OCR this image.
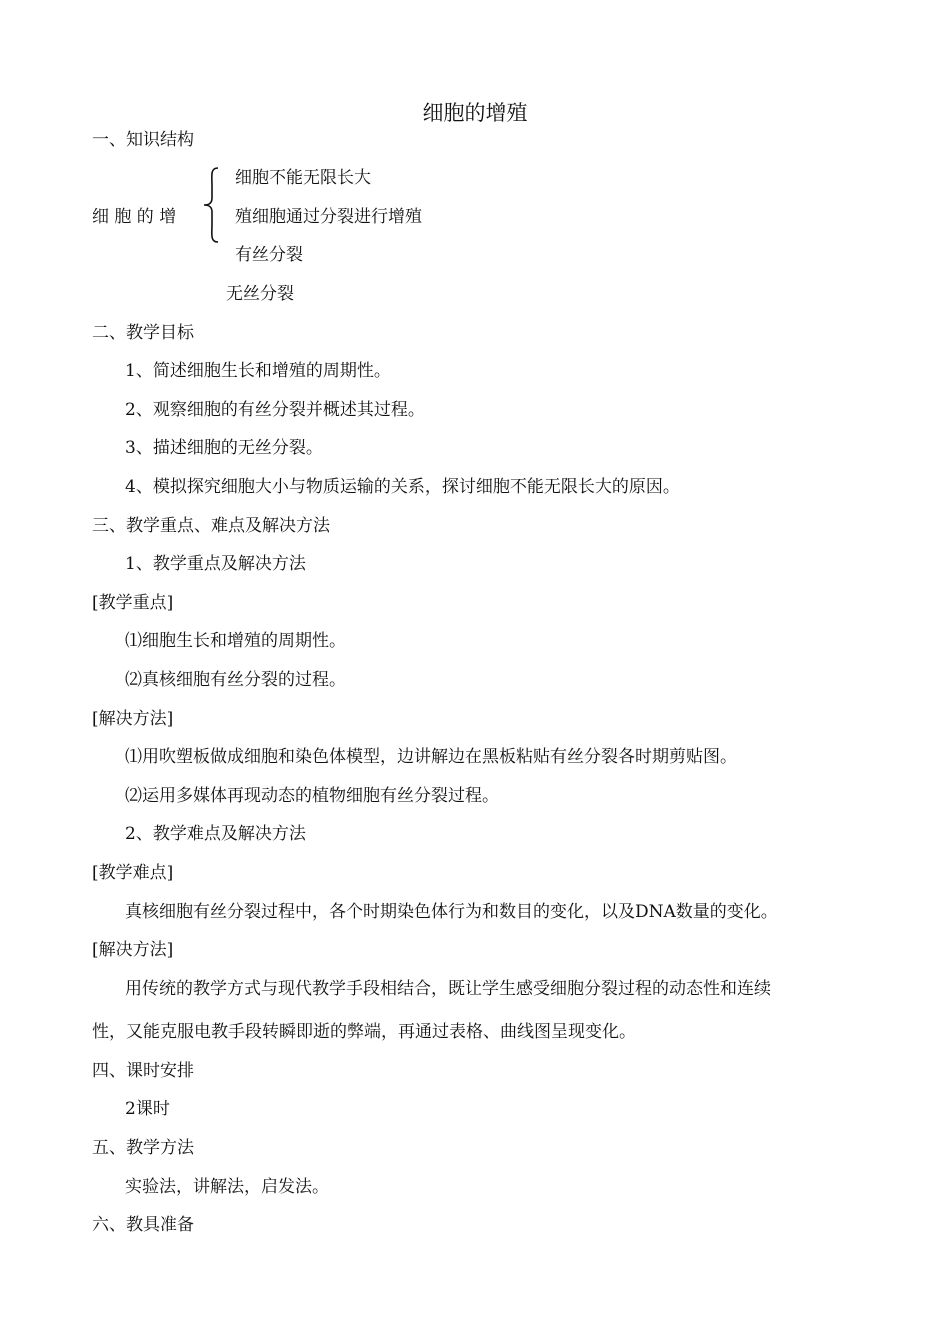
细胞的增殖
一、知识结构
细 胞 的 增
细胞不能无限长大
殖细胞通过分裂进行增殖
有丝分裂
无丝分裂
二、教学目标
1、简述细胞生长和增殖的周期性。
2、观察细胞的有丝分裂并概述其过程。
3、描述细胞的无丝分裂。
4、模拟探究细胞大小与物质运输的关系，探讨细胞不能无限长大的原因。
三、教学重点、难点及解决方法
1、教学重点及解决方法
[教学重点]
⑴细胞生长和增殖的周期性。
⑵真核细胞有丝分裂的过程。
[解决方法]
⑴用吹塑板做成细胞和染色体模型，边讲解边在黑板粘贴有丝分裂各时期剪贴图。
⑵运用多媒体再现动态的植物细胞有丝分裂过程。
2、教学难点及解决方法
[教学难点]
真核细胞有丝分裂过程中，各个时期染色体行为和数目的变化，以及DNA数量的变化。
[解决方法]
用传统的教学方式与现代教学手段相结合，既让学生感受细胞分裂过程的动态性和连续
性，又能克服电教手段转瞬即逝的弊端，再通过表格、曲线图呈现变化。
四、课时安排
2课时
五、教学方法
实验法，讲解法，启发法。
六、教具准备
